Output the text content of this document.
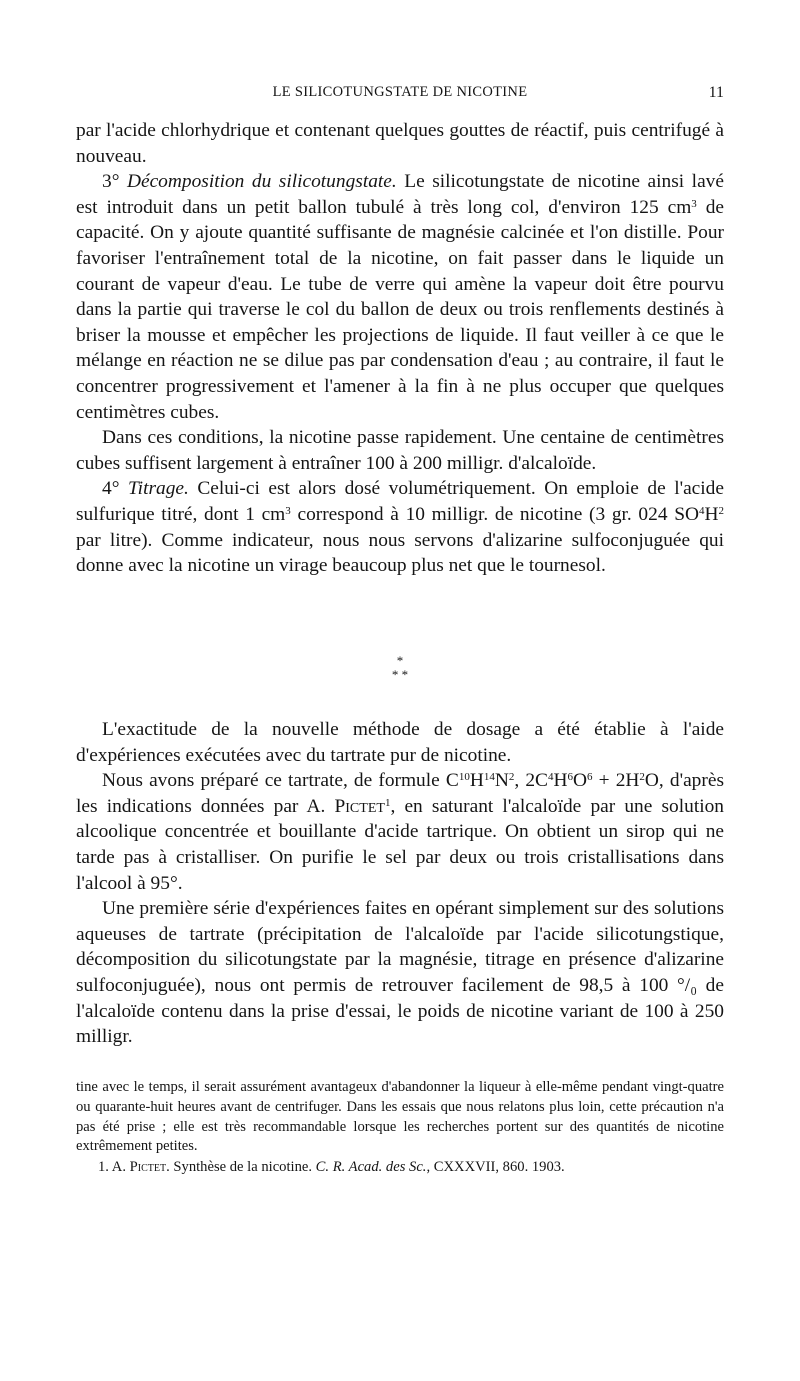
LE SILICOTUNGSTATE DE NICOTINE	11

par l'acide chlorhydrique et contenant quelques gouttes de réactif, puis centrifugé à nouveau.

3° Décomposition du silicotungstate. Le silicotungstate de nicotine ainsi lavé est introduit dans un petit ballon tubulé à très long col, d'environ 125 $cm^3$ de capacité. On y ajoute quantité suffisante de magnésie calcinée et l'on distille. Pour favoriser l'entraînement total de la nicotine, on fait passer dans le liquide un courant de vapeur d'eau. Le tube de verre qui amène la vapeur doit être pourvu dans la partie qui traverse le col du ballon de deux ou trois renflements destinés à briser la mousse et empêcher les projections de liquide. Il faut veiller à ce que le mélange en réaction ne se dilue pas par condensation d'eau ; au contraire, il faut le concentrer progressivement et l'amener à la fin à ne plus occuper que quelques centimètres cubes.

Dans ces conditions, la nicotine passe rapidement. Une centaine de centimètres cubes suffisent largement à entraîner 100 à 200 milligr. d'alcaloïde.

4° Titrage. Celui-ci est alors dosé volumétriquement. On emploie de l'acide sulfurique titré, dont 1 $cm^3$ correspond à 10 milligr. de nicotine (3 gr. 024 $SO^4H^2$ par litre). Comme indicateur, nous nous servons d'alizarine sulfoconjuguée qui donne avec la nicotine un virage beaucoup plus net que le tournesol.

*
* *

L'exactitude de la nouvelle méthode de dosage a été établie à l'aide d'expériences exécutées avec du tartrate pur de nicotine.

Nous avons préparé ce tartrate, de formule $C^{10}H^{14}N^2$, $2C^4H^6O^6 + 2H^2O$, d'après les indications données par A. Pictet$^1$, en saturant l'alcaloïde par une solution alcoolique concentrée et bouillante d'acide tartrique. On obtient un sirop qui ne tarde pas à cristalliser. On purifie le sel par deux ou trois cristallisations dans l'alcool à 95°.

Une première série d'expériences faites en opérant simplement sur des solutions aqueuses de tartrate (précipitation de l'alcaloïde par l'acide silicotungstique, décomposition du silicotungstate par la magnésie, titrage en présence d'alizarine sulfoconjuguée), nous ont permis de retrouver facilement de 98,5 à 100 °/₀ de l'alcaloïde contenu dans la prise d'essai, le poids de nicotine variant de 100 à 250 milligr.

tine avec le temps, il serait assurément avantageux d'abandonner la liqueur à elle-même pendant vingt-quatre ou quarante-huit heures avant de centrifuger. Dans les essais que nous relatons plus loin, cette précaution n'a pas été prise ; elle est très recommandable lorsque les recherches portent sur des quantités de nicotine extrêmement petites.

1. A. Pictet. Synthèse de la nicotine. C. R. Acad. des Sc., CXXXVII, 860. 1903.
